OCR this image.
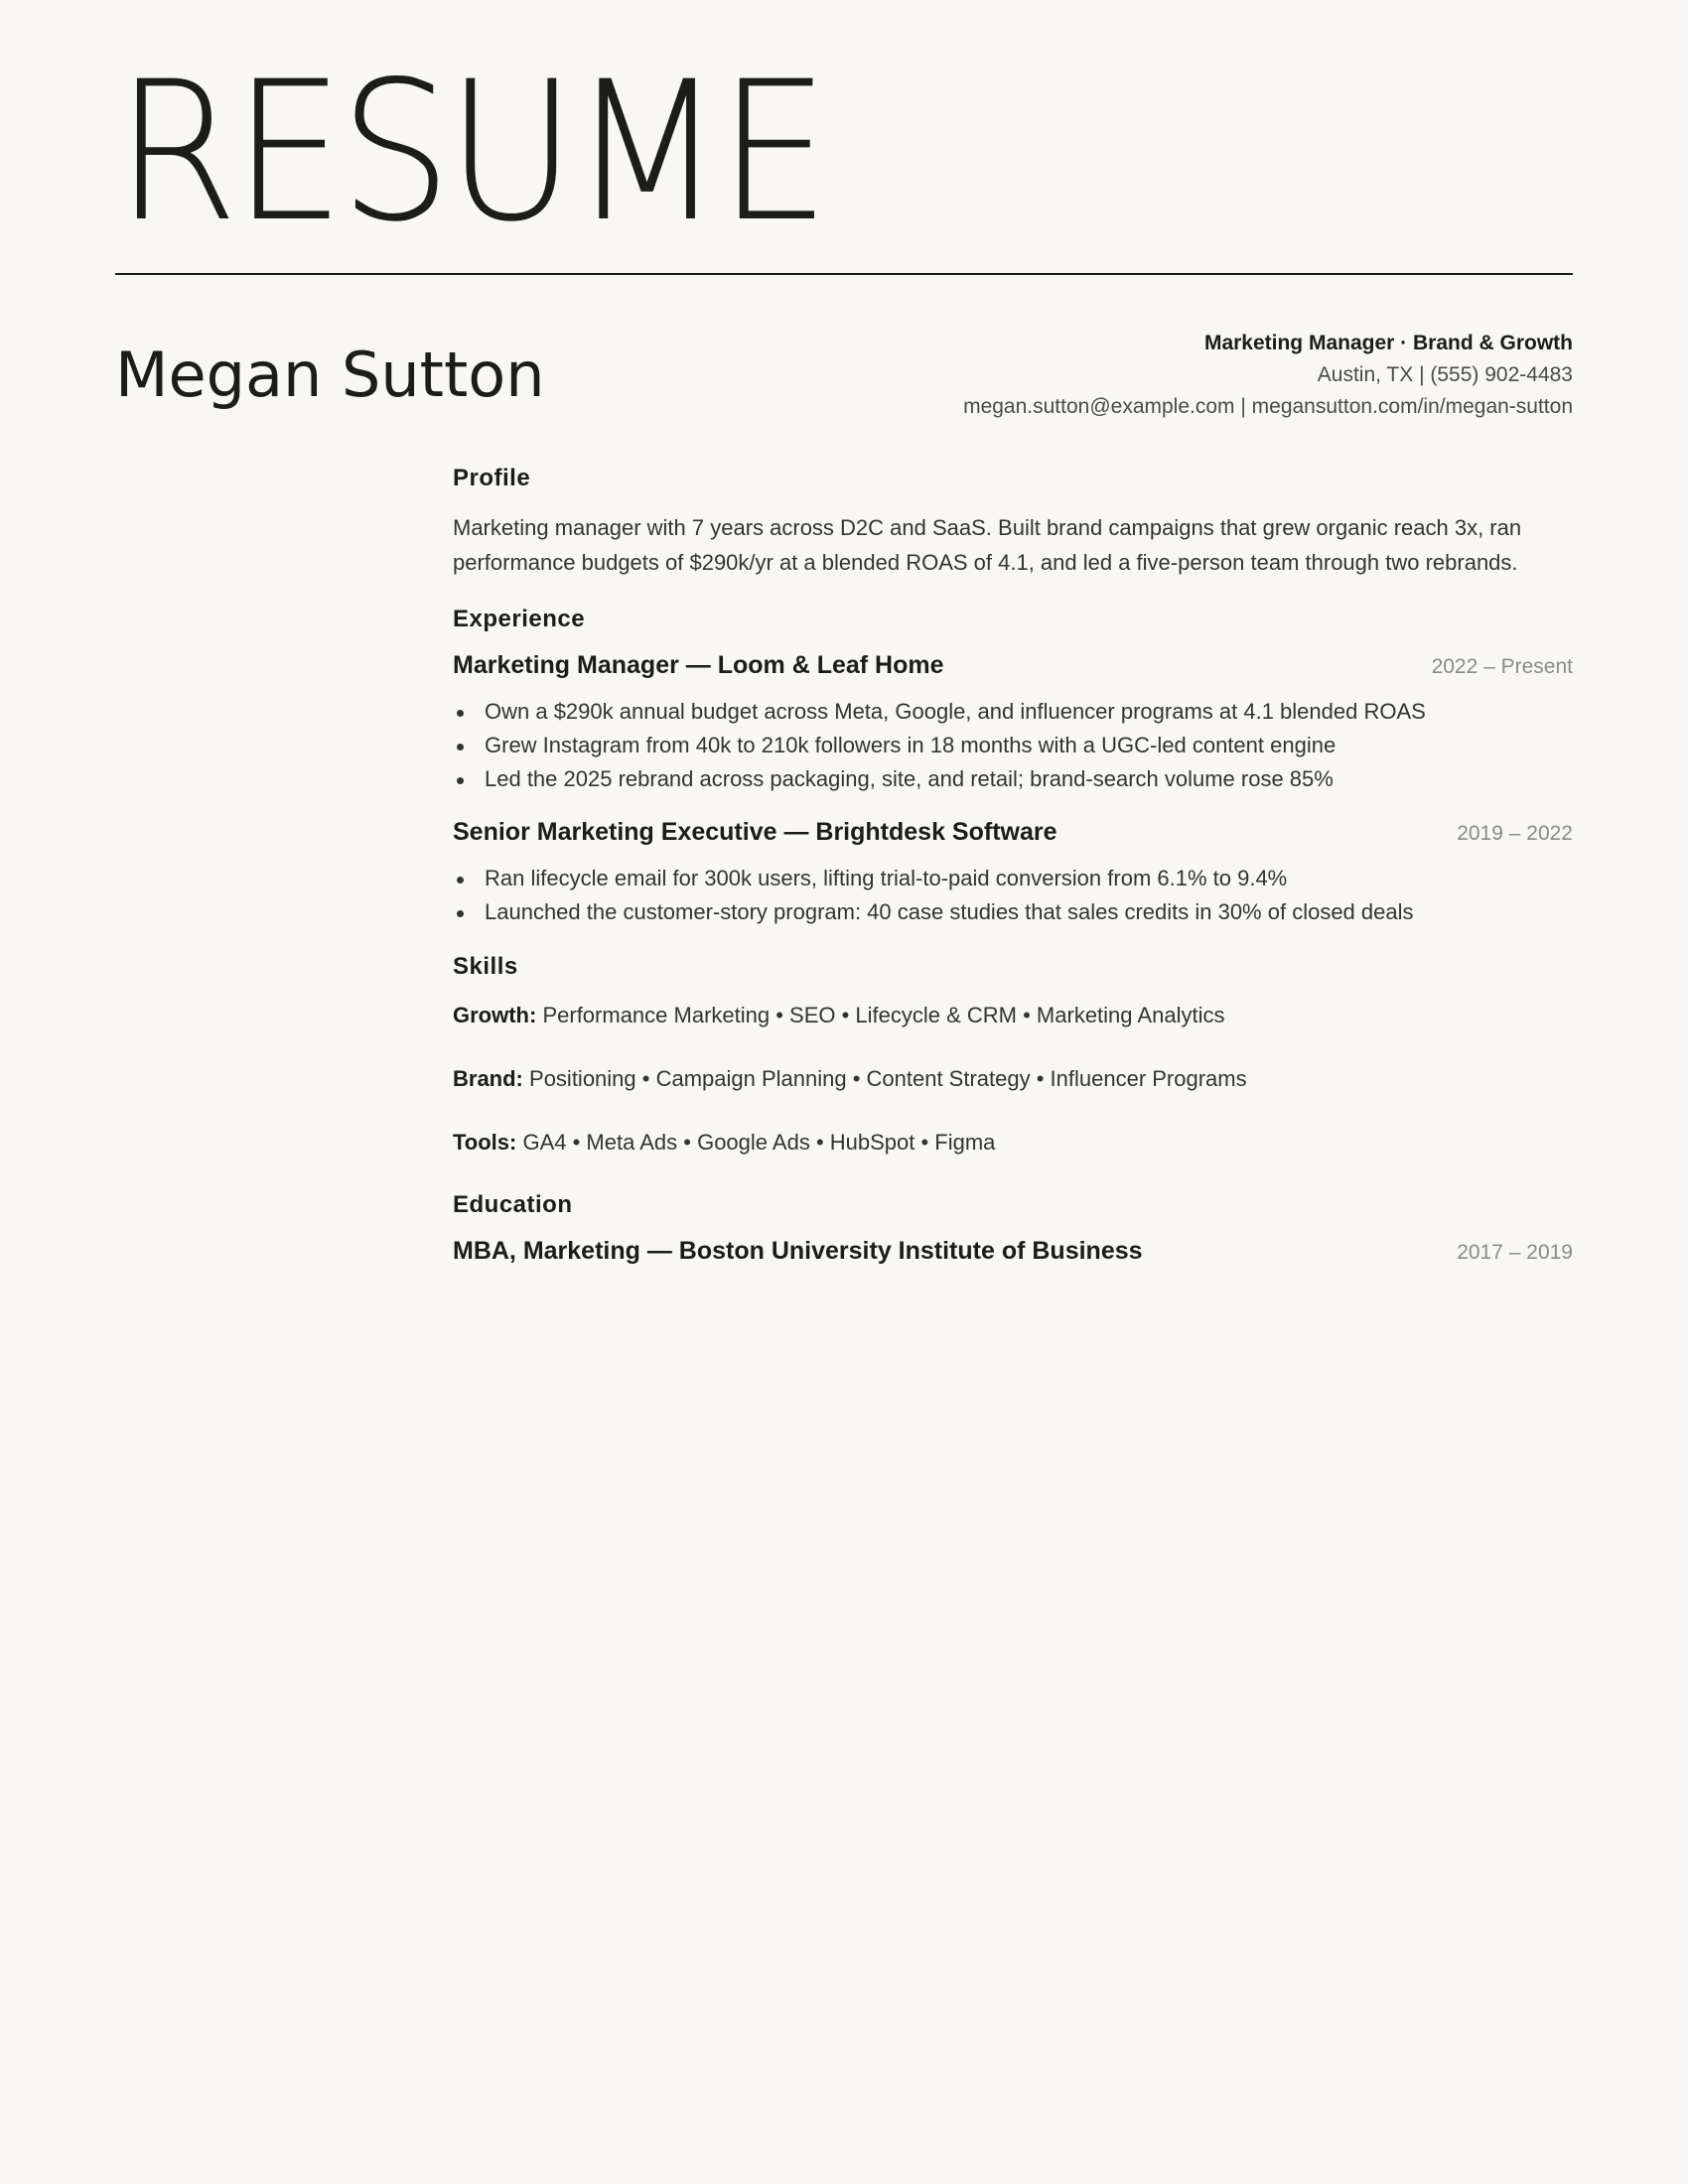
RESUME
Megan Sutton	Marketing Manager · Brand & Growth
Austin, TX | (555) 902-4483
megan.sutton@example.com | megansutton.com/in/megan-sutton
Profile

Marketing manager with 7 years across D2C and SaaS. Built brand campaigns that grew organic reach 3x, ran performance budgets of $290k/yr at a blended ROAS of 4.1, and led a five-person team through two rebrands.

Experience
Marketing Manager — Loom & Leaf Home	2022 – Present
Own a $290k annual budget across Meta, Google, and influencer programs at 4.1 blended ROAS
Grew Instagram from 40k to 210k followers in 18 months with a UGC-led content engine
Led the 2025 rebrand across packaging, site, and retail; brand-search volume rose 85%
Senior Marketing Executive — Brightdesk Software	2019 – 2022
Ran lifecycle email for 300k users, lifting trial-to-paid conversion from 6.1% to 9.4%
Launched the customer-story program: 40 case studies that sales credits in 30% of closed deals
Skills

Growth: Performance Marketing • SEO • Lifecycle & CRM • Marketing Analytics

Brand: Positioning • Campaign Planning • Content Strategy • Influencer Programs

Tools: GA4 • Meta Ads • Google Ads • HubSpot • Figma

Education
MBA, Marketing — Boston University Institute of Business	2017 – 2019
